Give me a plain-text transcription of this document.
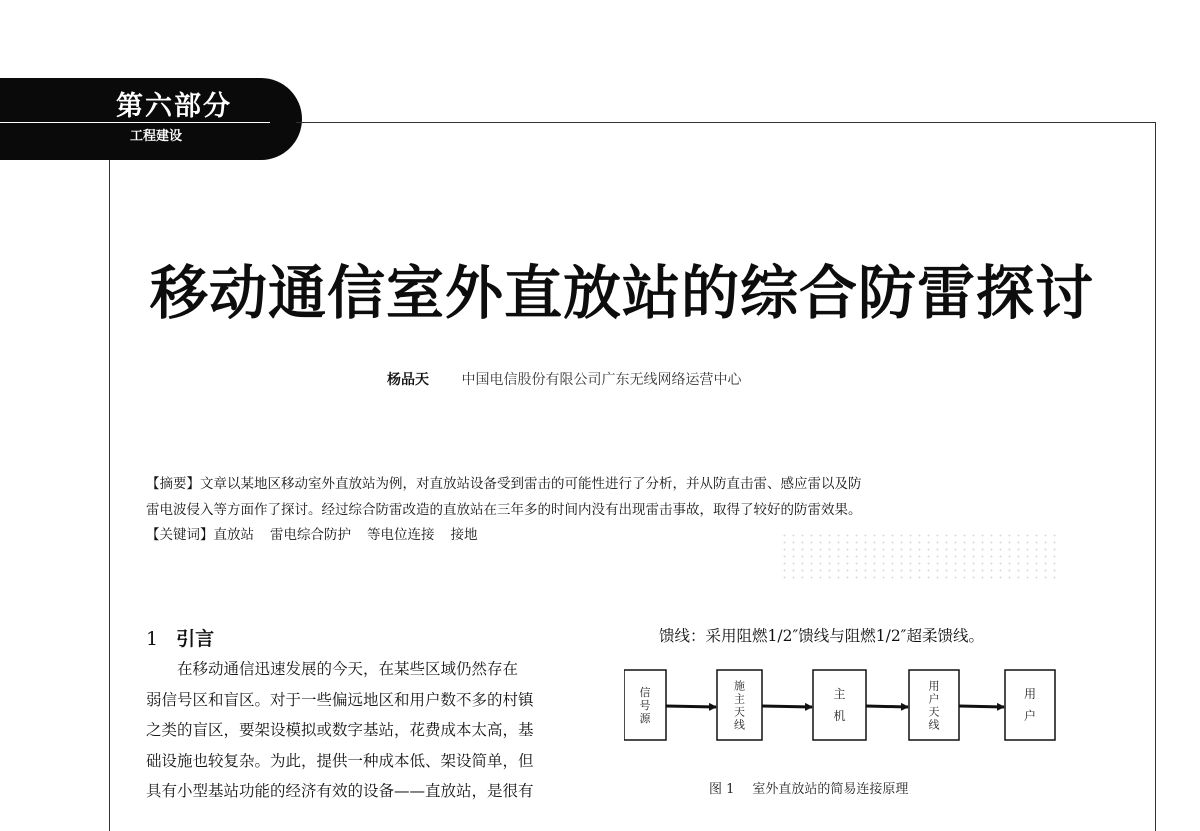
第六部分
工程建设
移动通信室外直放站的综合防雷探讨
杨品天 中国电信股份有限公司广东无线网络运营中心

【摘要】文章以某地区移动室外直放站为例，对直放站设备受到雷击的可能性进行了分析，并从防直击雷、感应雷以及防

雷电波侵入等方面作了探讨。经过综合防雷改造的直放站在三年多的时间内没有出现雷击事故，取得了较好的防雷效果。

【关键词】直放站 雷电综合防护 等电位连接 接地

1 引言

在移动通信迅速发展的今天，在某些区域仍然存在

弱信号区和盲区。对于一些偏远地区和用户数不多的村镇

之类的盲区，要架设模拟或数字基站，花费成本太高，基

础设施也较复杂。为此，提供一种成本低、架设简单，但

具有小型基站功能的经济有效的设备——直放站，是很有

馈线：采用阻燃1/2″馈线与阻燃1/2″超柔馈线。
信
号
源
施
主
天
线
主
机
用
户
天
线
用
户
图 1 室外直放站的简易连接原理
